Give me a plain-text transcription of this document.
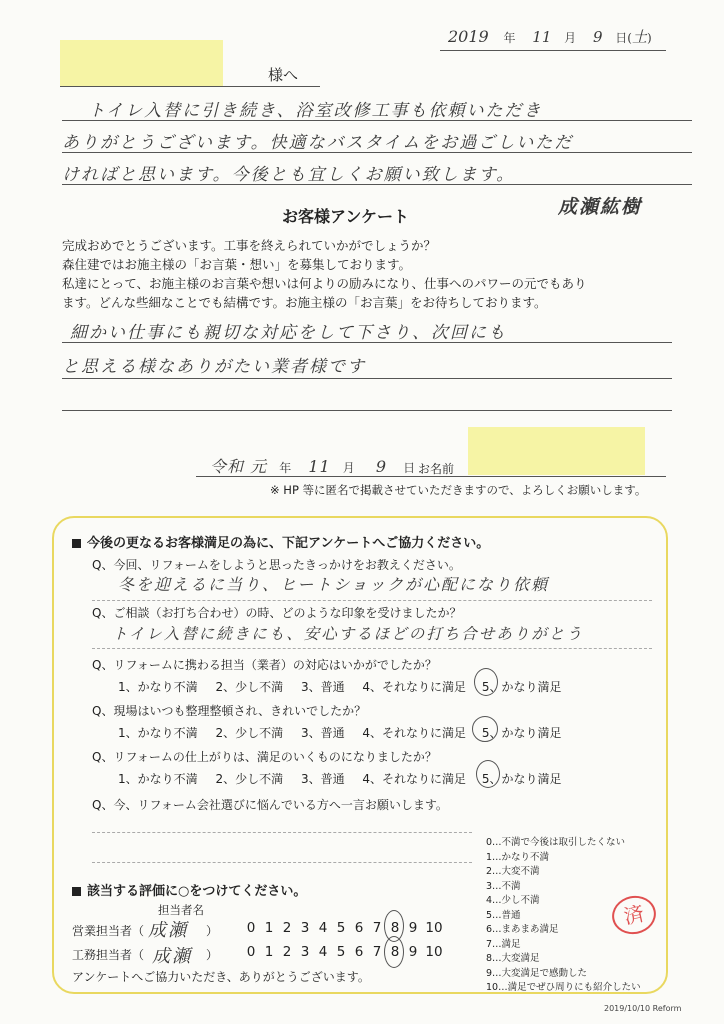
2019 年 11 月 9 日(土)
様へ
トイレ入替に引き続き、浴室改修工事も依頼いただき
ありがとうございます。快適なバスタイムをお過ごしいただ
ければと思います。今後とも宜しくお願い致します。
成瀬紘樹
お客様アンケート
完成おめでとうございます。工事を終えられていかがでしょうか？
森住建ではお施主様の「お言葉・想い」を募集しております。
私達にとって、お施主様のお言葉や想いは何よりの励みになり、仕事へのパワーの元でもあり
ます。どんな些細なことでも結構です。お施主様の「お言葉」をお待ちしております。
細かい仕事にも親切な対応をして下さり、次回にも
と思える様なありがたい業者様です
令和 元 年 11 月 9 日 お名前
※ HP 等に匿名で掲載させていただきますので、よろしくお願いします。
今後の更なるお客様満足の為に、下記アンケートへご協力ください。
Q、今回、リフォームをしようと思ったきっかけをお教えください。
冬を迎えるに当り、ヒートショックが心配になり依頼
Q、ご相談（お打ち合わせ）の時、どのような印象を受けましたか？
トイレ入替に続きにも、安心するほどの打ち合せありがとう
Q、リフォームに携わる担当（業者）の対応はいかがでしたか？
1、かなり不満 2、少し不満 3、普通 4、それなりに満足 5、かなり満足
Q、現場はいつも整理整頓され、きれいでしたか？
1、かなり不満 2、少し不満 3、普通 4、それなりに満足 5、かなり満足
Q、リフォームの仕上がりは、満足のいくものになりましたか？
1、かなり不満 2、少し不満 3、普通 4、それなりに満足 5、かなり満足
Q、今、リフォーム会社選びに悩んでいる方へ一言お願いします。
0…不満で今後は取引したくない
1…かなり不満
2…大変不満
3…不満
4…少し不満
5…普通
6…まあまあ満足
7…満足
8…大変満足
9…大変満足で感動した
10…満足でぜひ周りにも紹介したい
済
該当する評価に○をつけてください。
担当者名
営業担当者（ 成瀬 ）	0 1 2 3 4 5 6 7 8 9 10
工務担当者（ 成瀬 ）	0 1 2 3 4 5 6 7 8 9 10
アンケートへご協力いただき、ありがとうございます。
2019/10/10 Reform
